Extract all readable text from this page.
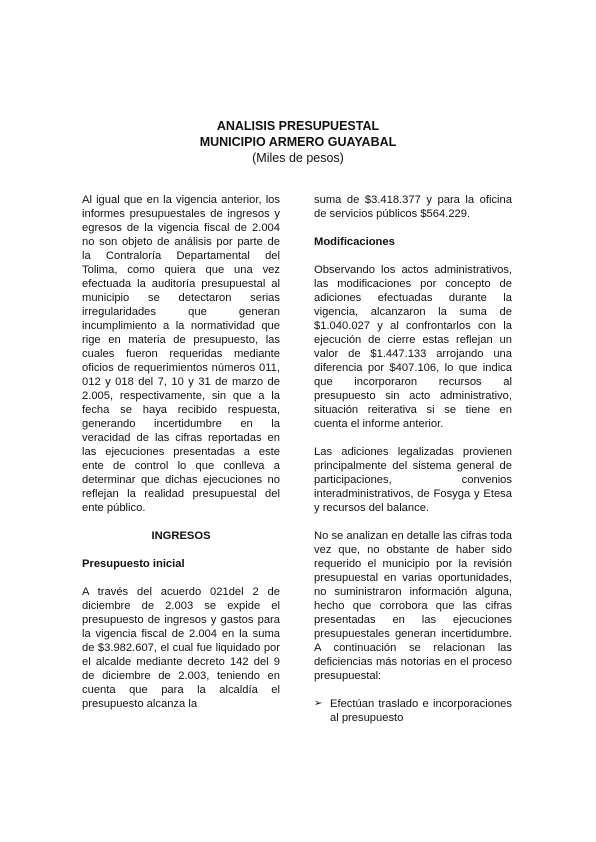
ANALISIS PRESUPUESTAL
MUNICIPIO ARMERO GUAYABAL
(Miles de pesos)

Al igual que en la vigencia anterior, los informes presupuestales de ingresos y egresos de la vigencia fiscal de 2.004 no son objeto de análisis por parte de la Contraloría Departamental del Tolima, como quiera que una vez efectuada la auditoría presupuestal al municipio se detectaron serias irregularidades que generan incumplimiento a la normatividad que rige en materia de presupuesto, las cuales fueron requeridas mediante oficios de requerimientos números 011, 012 y 018 del 7, 10 y 31 de marzo de 2.005, respectivamente, sin que a la fecha se haya recibido respuesta, generando incertidumbre en la veracidad de las cifras reportadas en las ejecuciones presentadas a este ente de control lo que conlleva a determinar que dichas ejecuciones no reflejan la realidad presupuestal del ente público.

INGRESOS

Presupuesto inicial

A través del acuerdo 021del 2 de diciembre de 2.003 se expide el presupuesto de ingresos y gastos para la vigencia fiscal de 2.004 en la suma de $3.982.607, el cual fue liquidado por el alcalde mediante decreto 142 del 9 de diciembre de 2.003, teniendo en cuenta que para la alcaldía el presupuesto alcanza la

suma de $3.418.377 y para la oficina de servicios públicos $564.229.

Modificaciones

Observando los actos administrativos, las modificaciones por concepto de adiciones efectuadas durante la vigencia, alcanzaron la suma de $1.040.027 y al confrontarlos con la ejecución de cierre estas reflejan un valor de $1.447.133 arrojando una diferencia por $407.106, lo que indica que incorporaron recursos al presupuesto sin acto administrativo, situación reiterativa si se tiene en cuenta el informe anterior.

Las adiciones legalizadas provienen principalmente del sistema general de participaciones, convenios interadministrativos, de Fosyga y Etesa y recursos del balance.

No se analizan en detalle las cifras toda vez que, no obstante de haber sido requerido el municipio por la revisión presupuestal en varias oportunidades, no suministraron información alguna, hecho que corrobora que las cifras presentadas en las ejecuciones presupuestales generan incertidumbre. A continuación se relacionan las deficiencias más notorias en el proceso presupuestal:

➢ Efectúan traslado e incorporaciones al presupuesto
